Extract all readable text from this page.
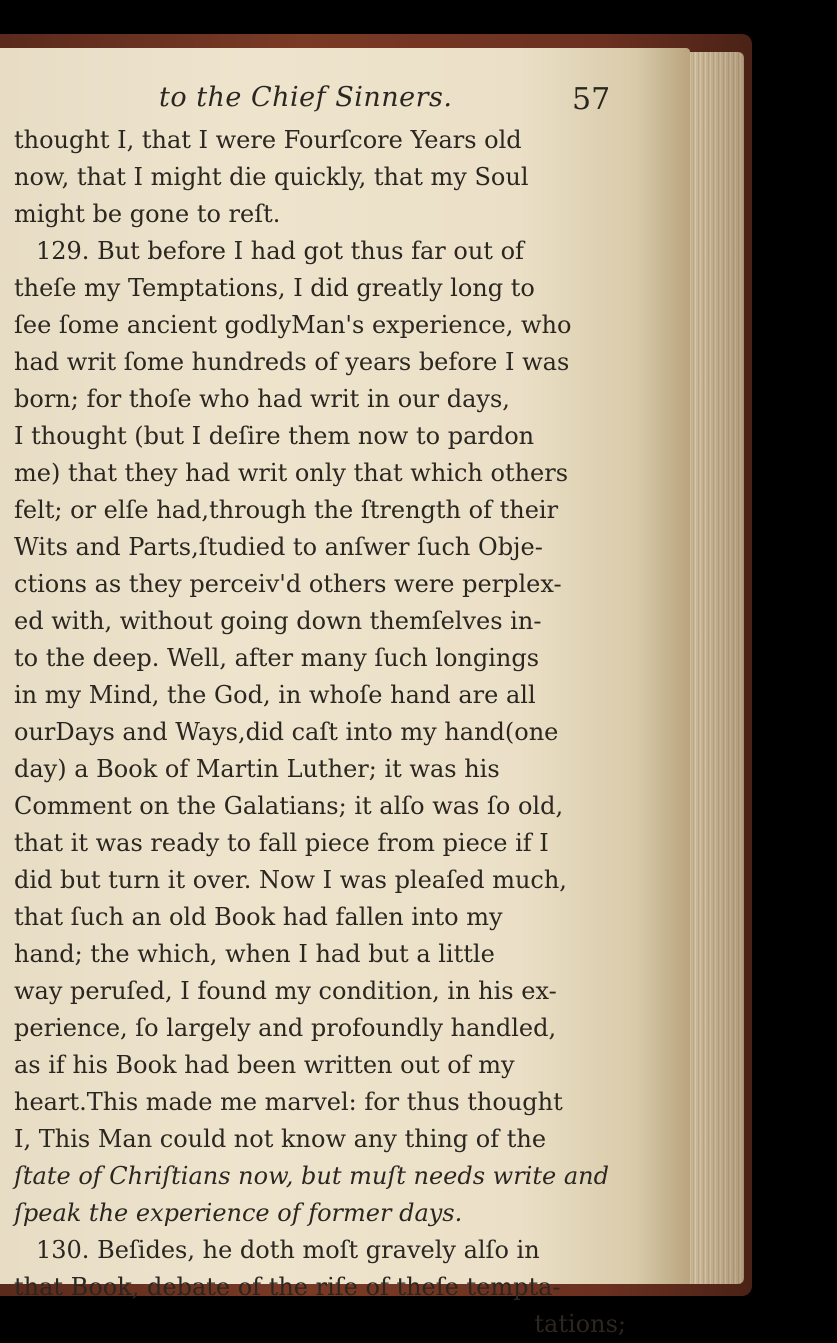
to the Chief Sinners.	57
thought I, that I were Fourſcore Years old
now, that I might die quickly, that my Soul
might be gone to reſt.
129. But before I had got thus far out of
theſe my Temptations, I did greatly long to
ſee ſome ancient godlyMan's experience, who
had writ ſome hundreds of years before I was
born; for thoſe who had writ in our days,
I thought (but I deſire them now to pardon
me) that they had writ only that which others
felt; or elſe had,through the ſtrength of their
Wits and Parts,ſtudied to anſwer ſuch Obje-
ctions as they perceiv'd others were perplex-
ed with, without going down themſelves in-
to the deep. Well, after many ſuch longings
in my Mind, the God, in whoſe hand are all
ourDays and Ways,did caſt into my hand(one
day) a Book of Martin Luther; it was his
Comment on the Galatians; it alſo was ſo old,
that it was ready to fall piece from piece if I
did but turn it over. Now I was pleaſed much,
that ſuch an old Book had fallen into my
hand; the which, when I had but a little
way peruſed, I found my condition, in his ex-
perience, ſo largely and profoundly handled,
as if his Book had been written out of my
heart.This made me marvel: for thus thought
I, This Man could not know any thing of the
ſtate of Chriſtians now, but muſt needs write and
ſpeak the experience of former days.
130. Beſides, he doth moſt gravely alſo in
that Book, debate of the riſe of theſe tempta-
tations;
